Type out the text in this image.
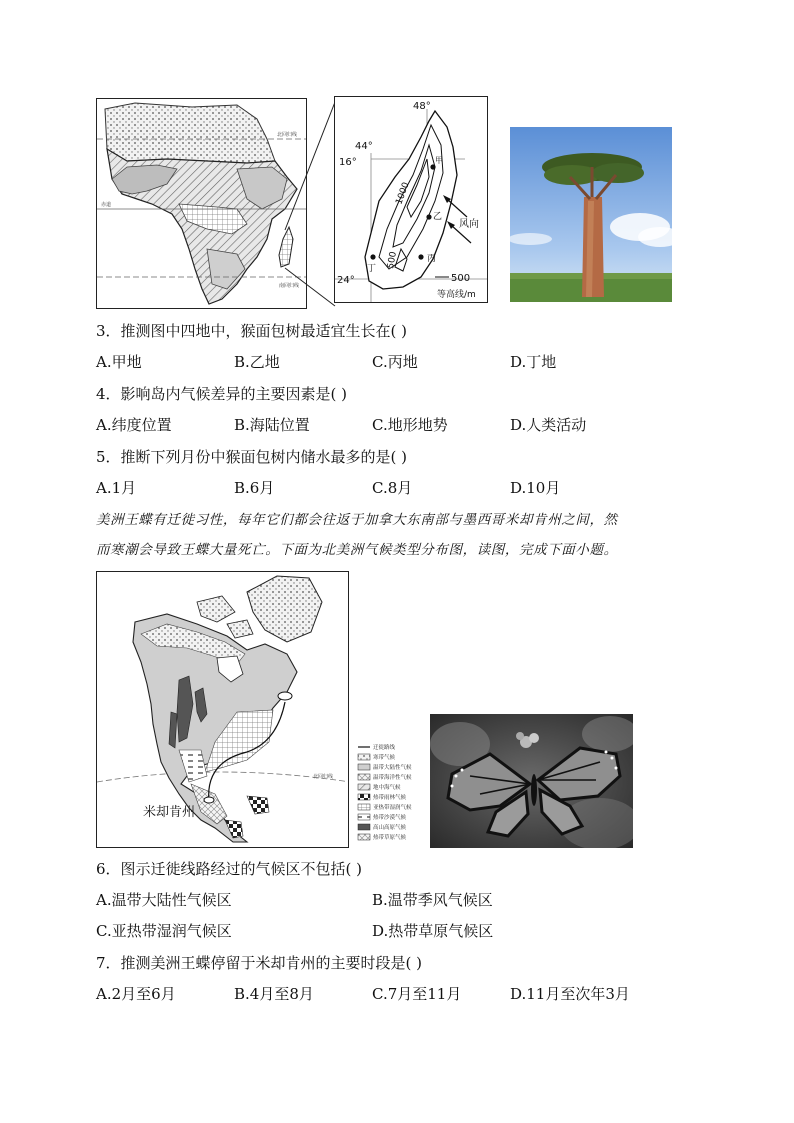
北回归线
赤道
南回归线
48°
44°
16°
24°
甲
乙
丙
丁
风向
1000
500
500
等高线/m
3．推测图中四地中，猴面包树最适宜生长在( )
A.甲地	B.乙地	C.丙地	D.丁地
4．影响岛内气候差异的主要因素是( )
A.纬度位置	B.海陆位置	C.地形地势	D.人类活动
5．推断下列月份中猴面包树内储水最多的是( )
A.1月	B.6月	C.8月	D.10月
美洲王蝶有迁徙习性，每年它们都会往返于加拿大东南部与墨西哥米却肯州之间，然
而寒潮会导致王蝶大量死亡。下面为北美洲气候类型分布图，读图，完成下面小题。
北回归线
米却肯州
迁徙路线
寒带气候
温带大陆性气候
温带海洋性气候
地中海气候
热带雨林气候
亚热带湿润气候
热带沙漠气候
高山高原气候
热带草原气候
6．图示迁徙线路经过的气候区不包括( )
A.温带大陆性气候区	B.温带季风气候区
C.亚热带湿润气候区	D.热带草原气候区
7．推测美洲王蝶停留于米却肯州的主要时段是( )
A.2月至6月	B.4月至8月	C.7月至11月	D.11月至次年3月
